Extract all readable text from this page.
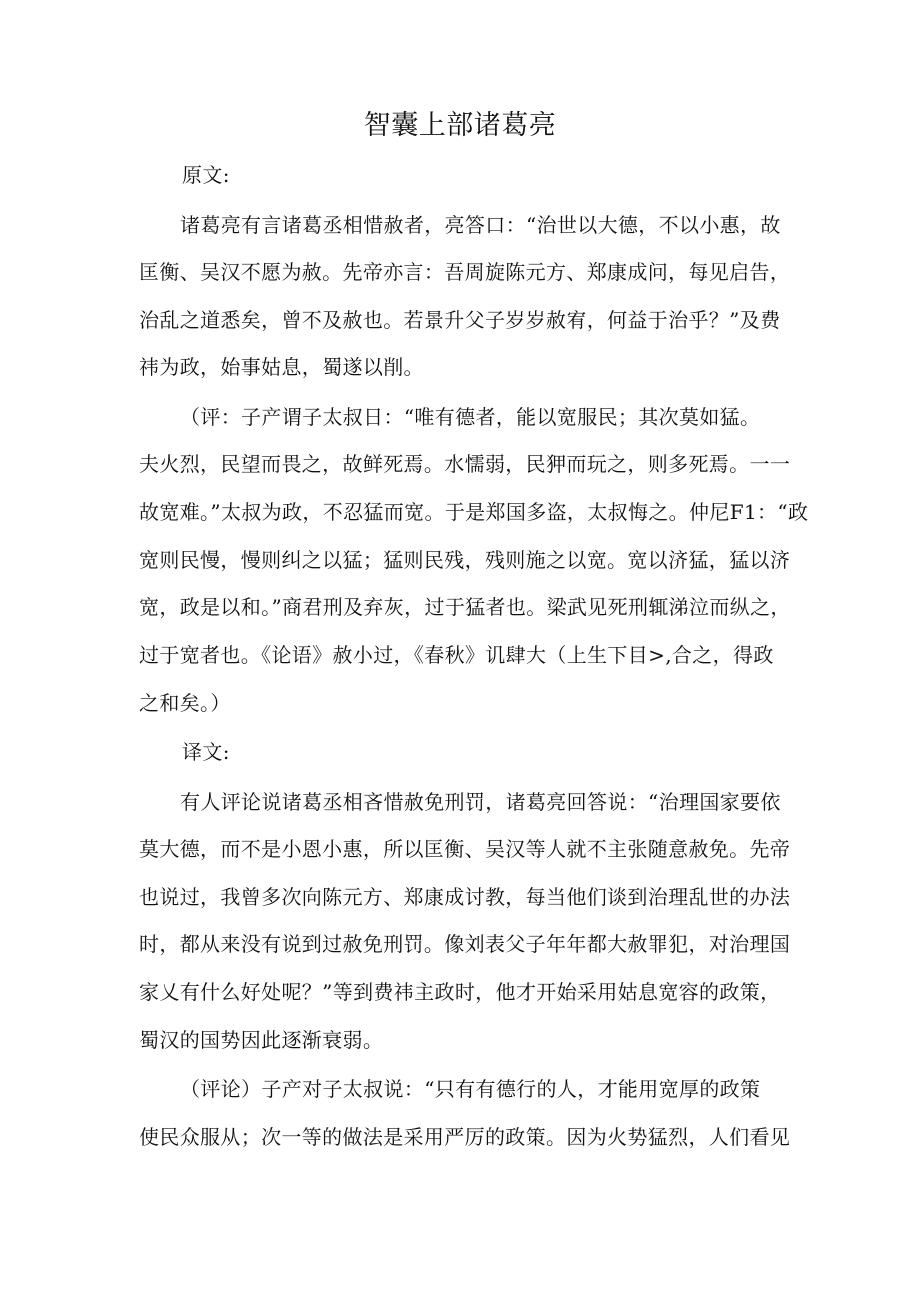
智囊上部诸葛亮
原文:
诸葛亮有言诸葛丞相惜赦者，亮答口：“治世以大德，不以小惠，故
匡衡、吴汉不愿为赦。先帝亦言：吾周旋陈元方、郑康成问，每见启告，
治乱之道悉矣，曾不及赦也。若景升父子岁岁赦宥，何益于治乎？”及费
祎为政，始事姑息，蜀遂以削。
（评：子产谓子太叔日：“唯有德者，能以宽服民；其次莫如猛。
夫火烈，民望而畏之，故鲜死焉。水懦弱，民狎而玩之，则多死焉。一一
故宽难。”太叔为政，不忍猛而宽。于是郑国多盗，太叔悔之。仲尼F1：“政
宽则民慢，慢则纠之以猛；猛则民残，残则施之以宽。宽以济猛，猛以济
宽，政是以和。”商君刑及弃灰，过于猛者也。梁武见死刑辄涕泣而纵之，
过于宽者也。《论语》赦小过，《春秋》讥肆大（上生下目>,合之，得政
之和矣。）
译文:
有人评论说诸葛丞相吝惜赦免刑罚，诸葛亮回答说：“治理国家要依
莫大德，而不是小恩小惠，所以匡衡、吴汉等人就不主张随意赦免。先帝
也说过，我曾多次向陈元方、郑康成讨教，每当他们谈到治理乱世的办法
时，都从来没有说到过赦免刑罚。像刘表父子年年都大赦罪犯，对治理国
家乂有什么好处呢？”等到费祎主政时，他才开始采用姑息宽容的政策，
蜀汉的国势因此逐渐衰弱。
（评论）子产对子太叔说：“只有有德行的人，才能用宽厚的政策
使民众服从；次一等的做法是采用严厉的政策。因为火势猛烈，人们看见
